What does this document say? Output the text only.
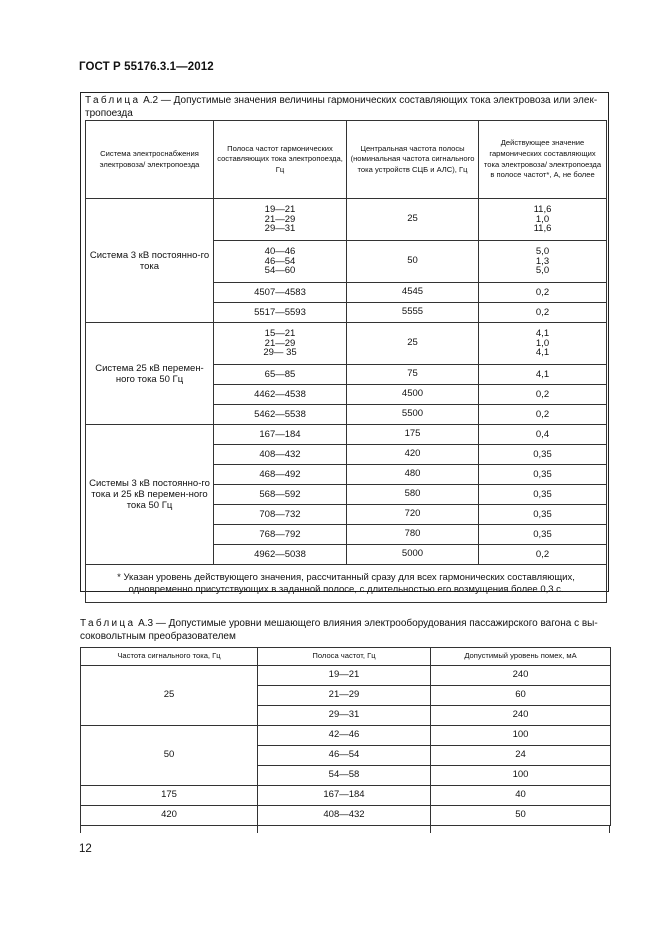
ГОСТ Р 55176.3.1—2012
Таблица А.2 — Допустимые значения величины гармонических составляющих тока электровоза или элек-
тропоезда
Система электроснабжения электровоза/ электропоезда	Полоса частот гармонических составляющих тока электропоезда, Гц	Центральная частота полосы (номинальная частота сигнального тока устройств СЦБ и АЛС), Гц	Действующее значение гармонических составляющих тока электровоза/ электропоезда в полосе частот*, А, не более
Система 3 кВ постоянно-го тока	19—21
21—29
29—31	25	11,6
1,0
11,6

	40—46
46—54
54—60	50	5,0
1,3
5,0

	4507—4583	4545	0,2

	5517—5593	5555	0,2

Система 25 кВ перемен-ного тока 50 Гц	15—21
21—29
29— 35	25	4,1
1,0
4,1

	65—85	75	4,1

	4462—4538	4500	0,2

	5462—5538	5500	0,2

Системы 3 кВ постоянно-го тока и 25 кВ перемен-ного тока 50 Гц	167—184	175	0,4

	408—432	420	0,35

	468—492	480	0,35

	568—592	580	0,35

	708—732	720	0,35

	768—792	780	0,35

	4962—5038	5000	0,2

* Указан уровень действующего значения, рассчитанный сразу для всех гармонических составляющих,
одновременно присутствующих в заданной полосе, с длительностью его возмущения более 0,3 с.			
Таблица А.3 — Допустимые уровни мешающего влияния электрооборудования пассажирского вагона с вы-
соковольтным преобразователем
Частота сигнального тока, Гц	Полоса частот, Гц	Допустимый уровень помех, мА
25	19—21	240
	21—29	60
	29—31	240
50	42—46	100
	46—54	24
	54—58	100
175	167—184	40
420	408—432	50
12
